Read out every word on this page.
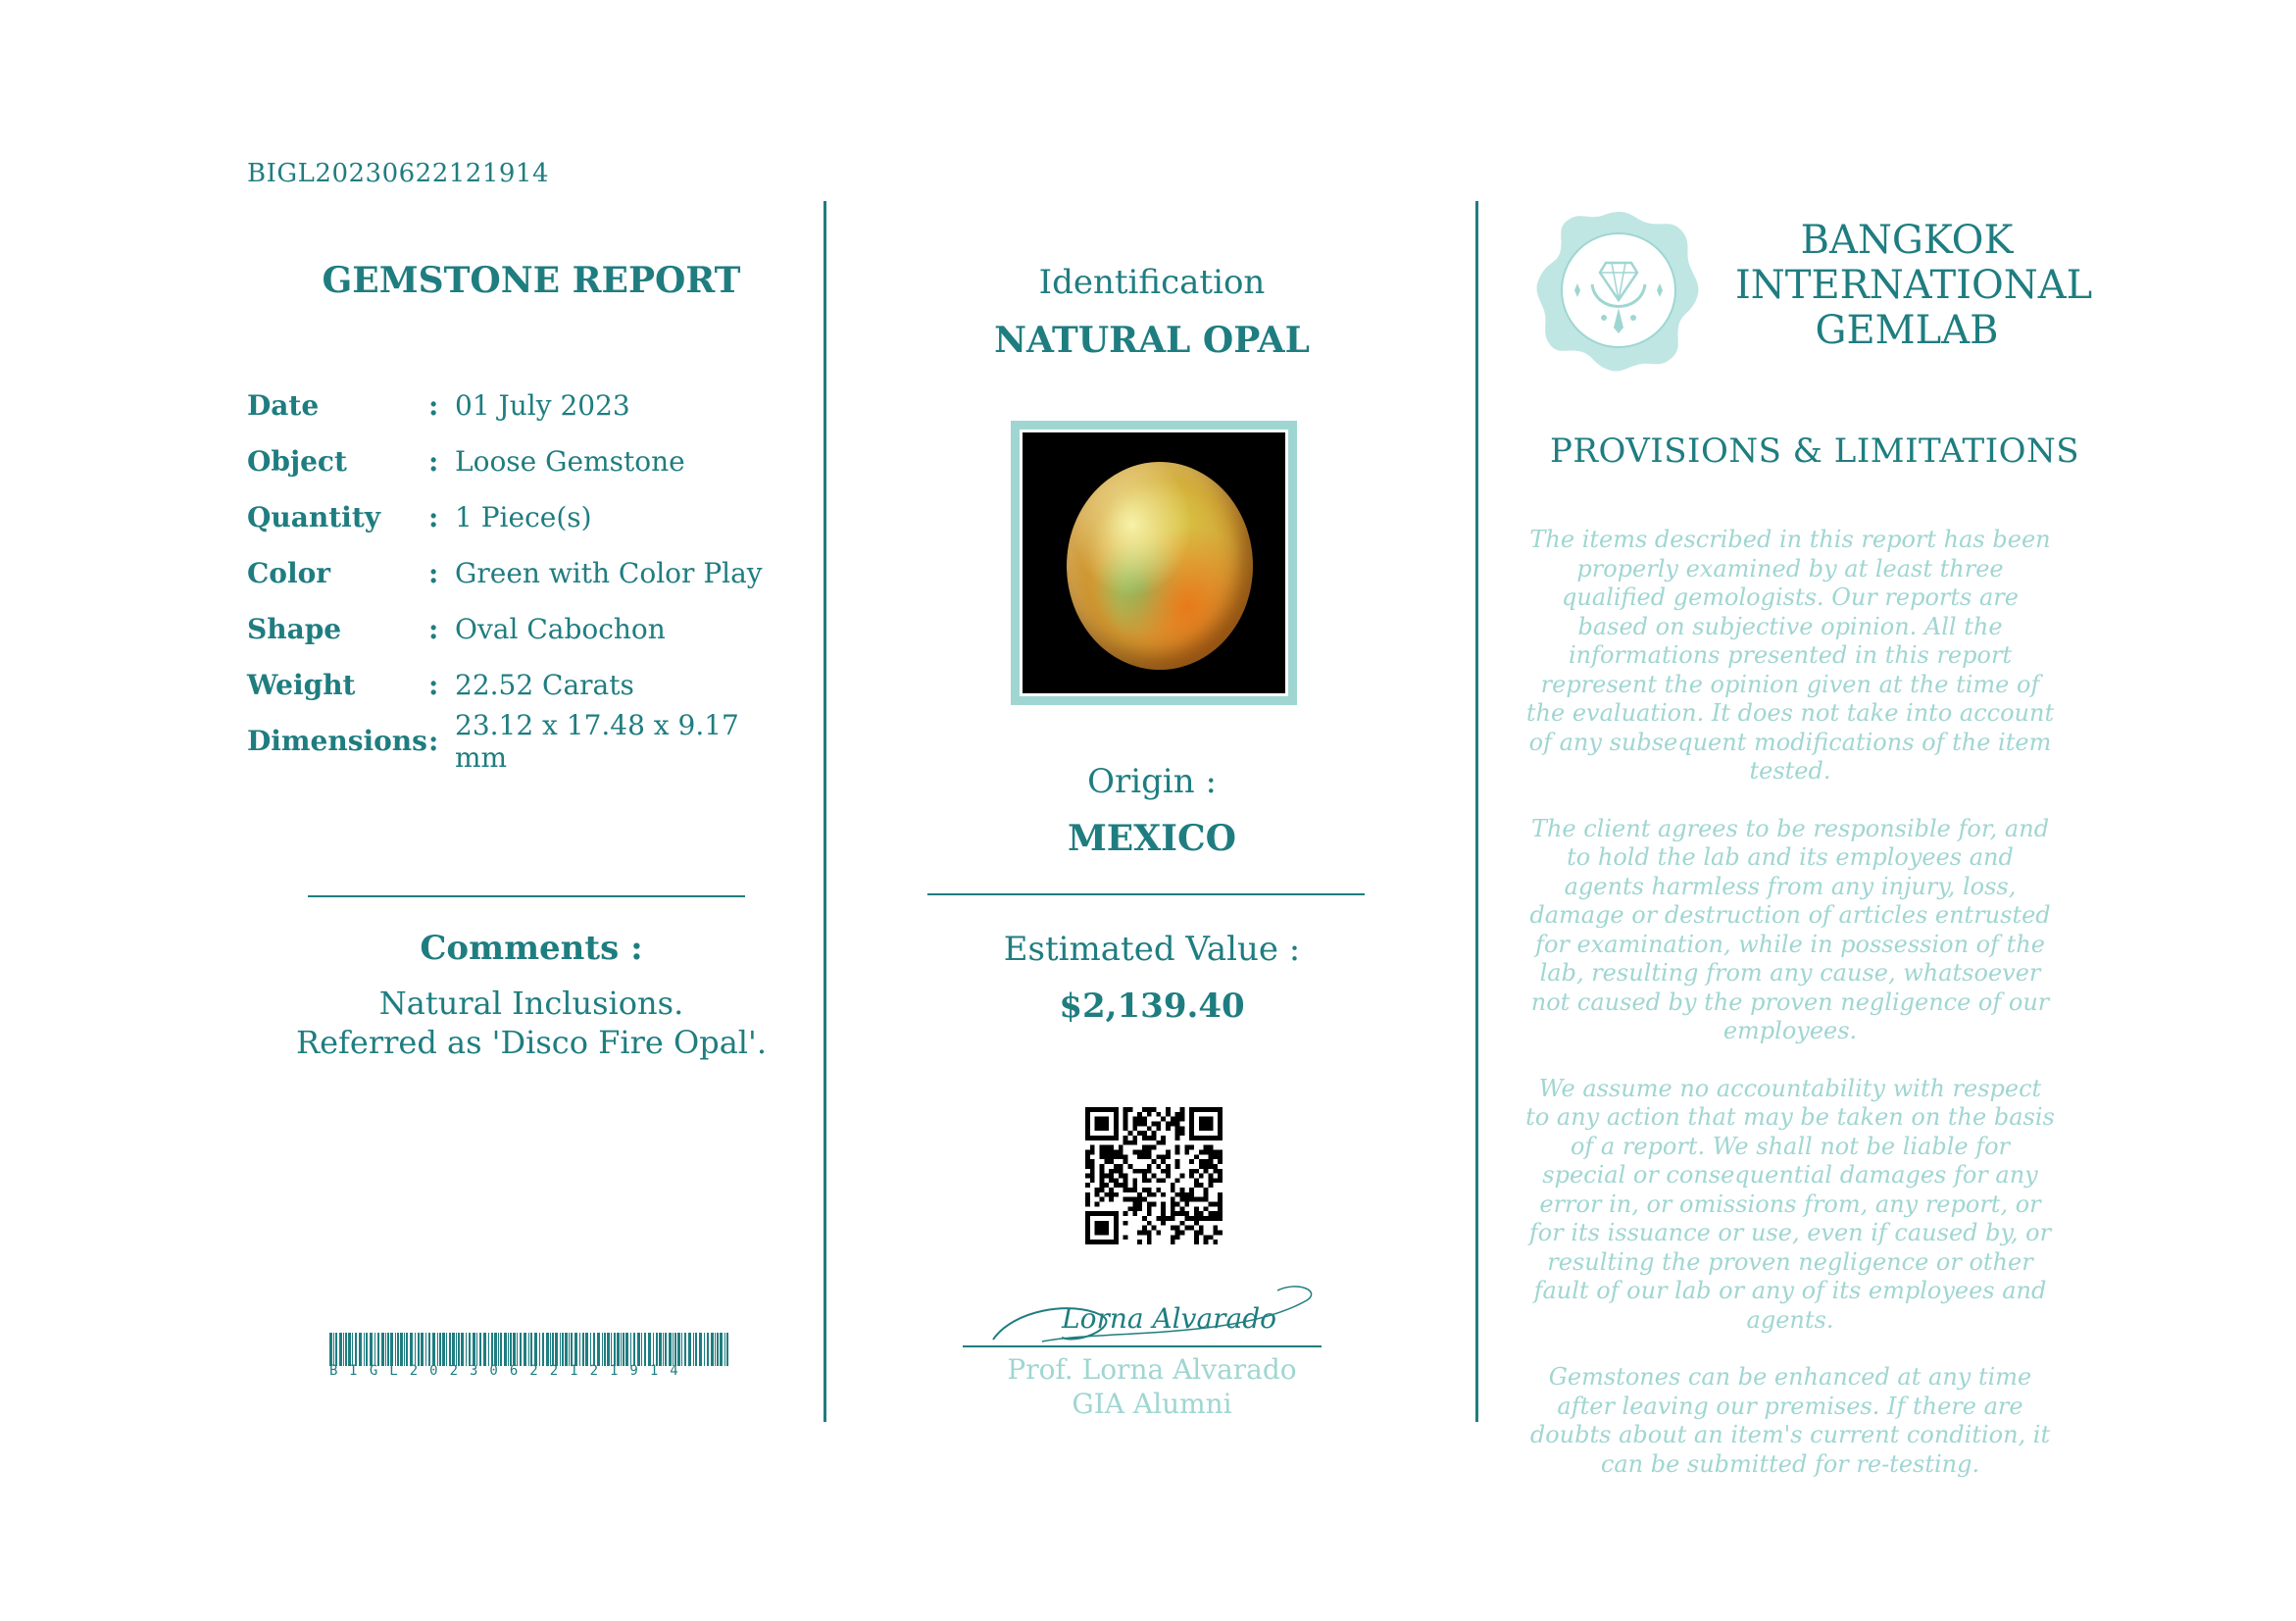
BIGL20230622121914
GEMSTONE REPORT
Date	: 01 July 2023
Object	: Loose Gemstone
Quantity	: 1 Piece(s)
Color	: Green with Color Play
Shape	: Oval Cabochon
Weight	: 22.52 Carats
Dimensions : 23.12 x 17.48 x 9.17 mm
Comments :
Natural Inclusions.
Referred as 'Disco Fire Opal'.
BIGL20230622121914
Identification
NATURAL OPAL
Origin :
MEXICO
Estimated Value :
$2,139.40
Lorna Alvarado
Prof. Lorna Alvarado
GIA Alumni
BANGKOK
INTERNATIONAL
GEMLAB
PROVISIONS & LIMITATIONS

The items described in this report has been properly examined by at least three qualified gemologists. Our reports are based on subjective opinion. All the informations presented in this report represent the opinion given at the time of the evaluation. It does not take into account of any subsequent modifications of the item tested.

The client agrees to be responsible for, and to hold the lab and its employees and agents harmless from any injury, loss, damage or destruction of articles entrusted for examination, while in possession of the lab, resulting from any cause, whatsoever not caused by the proven negligence of our employees.

We assume no accountability with respect to any action that may be taken on the basis of a report. We shall not be liable for special or consequential damages for any error in, or omissions from, any report, or for its issuance or use, even if caused by, or resulting the proven negligence or other fault of our lab or any of its employees and agents.

Gemstones can be enhanced at any time after leaving our premises. If there are doubts about an item's current condition, it can be submitted for re-testing.
